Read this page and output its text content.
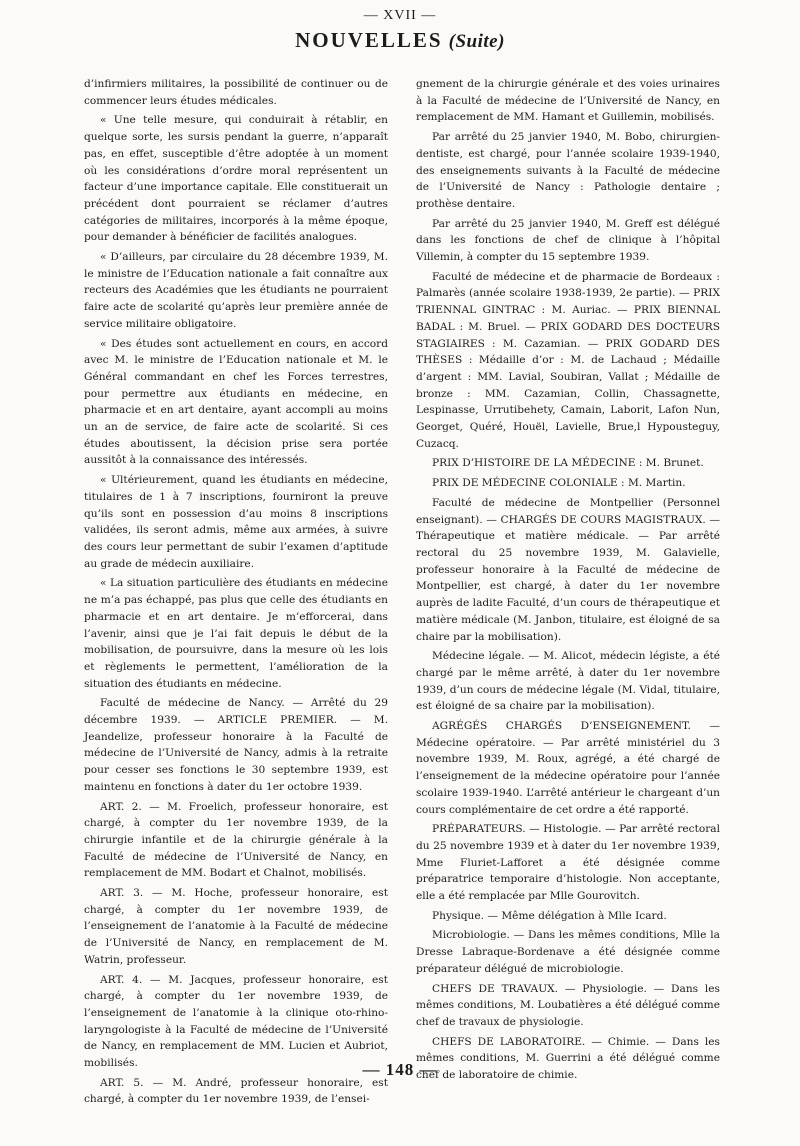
— XVII —
NOUVELLES (Suite)

d’infirmiers militaires, la possibilité de continuer ou de commencer leurs études médicales.

« Une telle mesure, qui conduirait à rétablir, en quelque sorte, les sursis pendant la guerre, n’apparaît pas, en effet, susceptible d’être adoptée à un moment où les considérations d’ordre moral représentent un facteur d’une importance capitale. Elle constituerait un précédent dont pourraient se réclamer d’autres catégories de militaires, incorporés à la même époque, pour demander à bénéficier de facilités analogues.

« D’ailleurs, par circulaire du 28 décembre 1939, M. le ministre de l’Education nationale a fait connaître aux recteurs des Académies que les étudiants ne pourraient faire acte de scolarité qu’après leur première année de service militaire obligatoire.

« Des études sont actuellement en cours, en accord avec M. le ministre de l’Education nationale et M. le Général commandant en chef les Forces terrestres, pour permettre aux étudiants en médecine, en pharmacie et en art dentaire, ayant accompli au moins un an de service, de faire acte de scolarité. Si ces études aboutissent, la décision prise sera portée aussitôt à la connaissance des intéressés.

« Ultérieurement, quand les étudiants en médecine, titulaires de 1 à 7 inscriptions, fourniront la preuve qu’ils sont en possession d’au moins 8 inscriptions validées, ils seront admis, même aux armées, à suivre des cours leur permettant de subir l’examen d’aptitude au grade de médecin auxiliaire.

« La situation particulière des étudiants en médecine ne m’a pas échappé, pas plus que celle des étudiants en pharmacie et en art dentaire. Je m’efforcerai, dans l’avenir, ainsi que je l’ai fait depuis le début de la mobilisation, de poursuivre, dans la mesure où les lois et règlements le permettent, l’amélioration de la situation des étudiants en médecine.

Faculté de médecine de Nancy. — Arrêté du 29 décembre 1939. — ARTICLE PREMIER. — M. Jeandelize, professeur honoraire à la Faculté de médecine de l’Université de Nancy, admis à la retraite pour cesser ses fonctions le 30 septembre 1939, est maintenu en fonctions à dater du 1er octobre 1939.

ART. 2. — M. Froelich, professeur honoraire, est chargé, à compter du 1er novembre 1939, de la chirurgie infantile et de la chirurgie générale à la Faculté de médecine de l’Université de Nancy, en remplacement de MM. Bodart et Chalnot, mobilisés.

ART. 3. — M. Hoche, professeur honoraire, est chargé, à compter du 1er novembre 1939, de l’enseignement de l’anatomie à la Faculté de médecine de l’Université de Nancy, en remplacement de M. Watrin, professeur.

ART. 4. — M. Jacques, professeur honoraire, est chargé, à compter du 1er novembre 1939, de l’enseignement de l’anatomie à la clinique oto-rhino-laryngologiste à la Faculté de médecine de l’Université de Nancy, en remplacement de MM. Lucien et Aubriot, mobilisés.

ART. 5. — M. André, professeur honoraire, est chargé, à compter du 1er novembre 1939, de l’ensei-

gnement de la chirurgie générale et des voies urinaires à la Faculté de médecine de l’Université de Nancy, en remplacement de MM. Hamant et Guillemin, mobilisés.

Par arrêté du 25 janvier 1940, M. Bobo, chirurgien-dentiste, est chargé, pour l’année scolaire 1939-1940, des enseignements suivants à la Faculté de médecine de l’Université de Nancy : Pathologie dentaire ; prothèse dentaire.

Par arrêté du 25 janvier 1940, M. Greff est délégué dans les fonctions de chef de clinique à l’hôpital Villemin, à compter du 15 septembre 1939.

Faculté de médecine et de pharmacie de Bordeaux : Palmarès (année scolaire 1938-1939, 2e partie). — PRIX TRIENNAL GINTRAC : M. Auriac. — PRIX BIENNAL BADAL : M. Bruel. — PRIX GODARD DES DOCTEURS STAGIAIRES : M. Cazamian. — PRIX GODARD DES THÈSES : Médaille d’or : M. de Lachaud ; Médaille d’argent : MM. Lavial, Soubiran, Vallat ; Médaille de bronze : MM. Cazamian, Collin, Chassagnette, Lespinasse, Urrutibehety, Camain, Laborit, Lafon Nun, Georget, Quéré, Houël, Lavielle, Brue,l Hypousteguy, Cuzacq.

PRIX D’HISTOIRE DE LA MÉDECINE : M. Brunet.

PRIX DE MÉDECINE COLONIALE : M. Martin.

Faculté de médecine de Montpellier (Personnel enseignant). — CHARGÉS DE COURS MAGISTRAUX. — Thérapeutique et matière médicale. — Par arrêté rectoral du 25 novembre 1939, M. Galavielle, professeur honoraire à la Faculté de médecine de Montpellier, est chargé, à dater du 1er novembre auprès de ladite Faculté, d’un cours de thérapeutique et matière médicale (M. Janbon, titulaire, est éloigné de sa chaire par la mobilisation).

Médecine légale. — M. Alicot, médecin légiste, a été chargé par le même arrêté, à dater du 1er novembre 1939, d’un cours de médecine légale (M. Vidal, titulaire, est éloigné de sa chaire par la mobilisation).

AGRÉGÉS CHARGÉS D’ENSEIGNEMENT. — Médecine opératoire. — Par arrêté ministériel du 3 novembre 1939, M. Roux, agrégé, a été chargé de l’enseignement de la médecine opératoire pour l’année scolaire 1939-1940. L’arrêté antérieur le chargeant d’un cours complémentaire de cet ordre a été rapporté.

PRÉPARATEURS. — Histologie. — Par arrêté rectoral du 25 novembre 1939 et à dater du 1er novembre 1939, Mme Fluriet-Lafforet a été désignée comme préparatrice temporaire d’histologie. Non acceptante, elle a été remplacée par Mlle Gourovitch.

Physique. — Même délégation à Mlle Icard.

Microbiologie. — Dans les mêmes conditions, Mlle la Dresse Labraque-Bordenave a été désignée comme préparateur délégué de microbiologie.

CHEFS DE TRAVAUX. — Physiologie. — Dans les mêmes conditions, M. Loubatières a été délégué comme chef de travaux de physiologie.

CHEFS DE LABORATOIRE. — Chimie. — Dans les mêmes conditions, M. Guerrini a été délégué comme chef de laboratoire de chimie.

— 148 —
